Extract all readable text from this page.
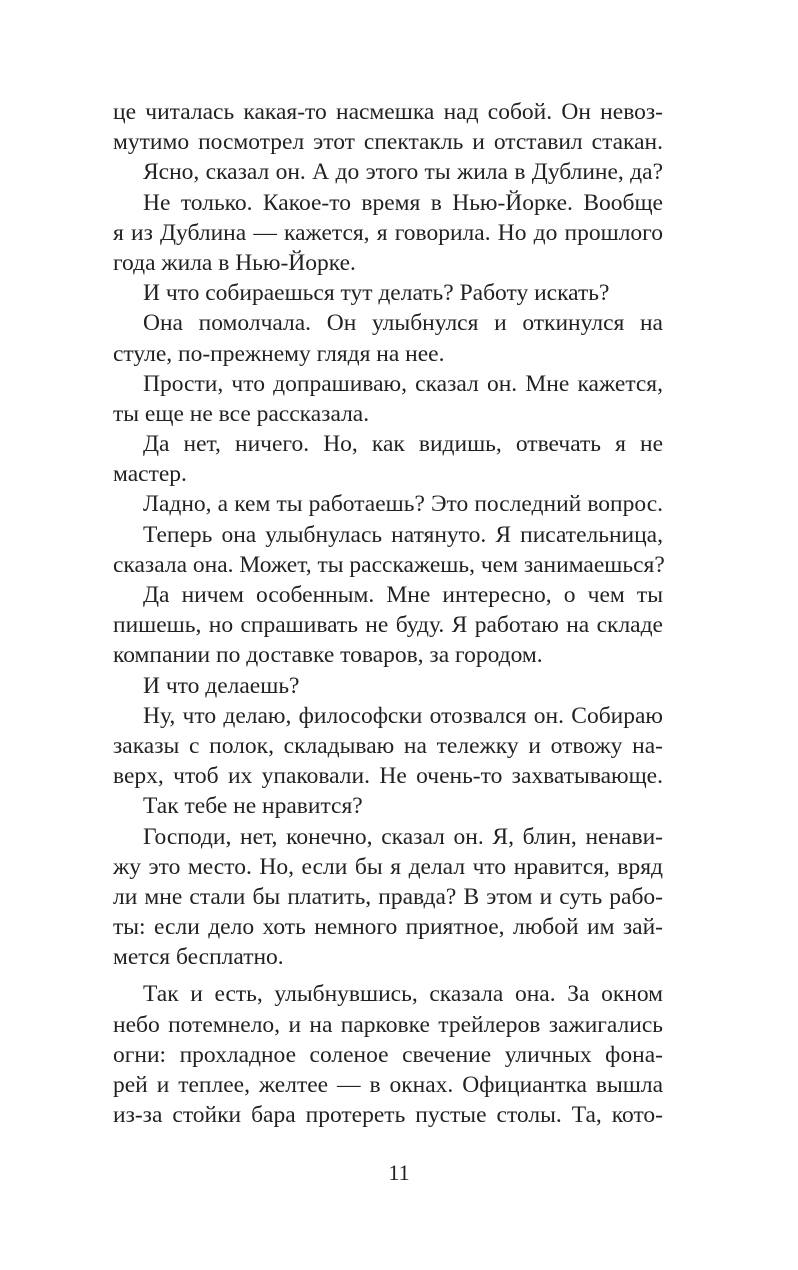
це читалась какая-то насмешка над собой. Он невоз-
мутимо посмотрел этот спектакль и отставил стакан.
Ясно, сказал он. А до этого ты жила в Дублине, да?
Не только. Какое-то время в Нью-Йорке. Вообще
я из Дублина — кажется, я говорила. Но до прошлого
года жила в Нью-Йорке.
И что собираешься тут делать? Работу искать?
Она помолчала. Он улыбнулся и откинулся на
стуле, по-прежнему глядя на нее.
Прости, что допрашиваю, сказал он. Мне кажется,
ты еще не все рассказала.
Да нет, ничего. Но, как видишь, отвечать я не
мастер.
Ладно, а кем ты работаешь? Это последний вопрос.
Теперь она улыбнулась натянуто. Я писательница,
сказала она. Может, ты расскажешь, чем занимаешься?
Да ничем особенным. Мне интересно, о чем ты
пишешь, но спрашивать не буду. Я работаю на складе
компании по доставке товаров, за городом.
И что делаешь?
Ну, что делаю, философски отозвался он. Собираю
заказы с полок, складываю на тележку и отвожу на-
верх, чтоб их упаковали. Не очень-то захватывающе.
Так тебе не нравится?
Господи, нет, конечно, сказал он. Я, блин, ненави-
жу это место. Но, если бы я делал что нравится, вряд
ли мне стали бы платить, правда? В этом и суть рабо-
ты: если дело хоть немного приятное, любой им зай-
мется бесплатно.
Так и есть, улыбнувшись, сказала она. За окном
небо потемнело, и на парковке трейлеров зажигались
огни: прохладное соленое свечение уличных фона-
рей и теплее, желтее — в окнах. Официантка вышла
из-за стойки бара протереть пустые столы. Та, кото-
11
